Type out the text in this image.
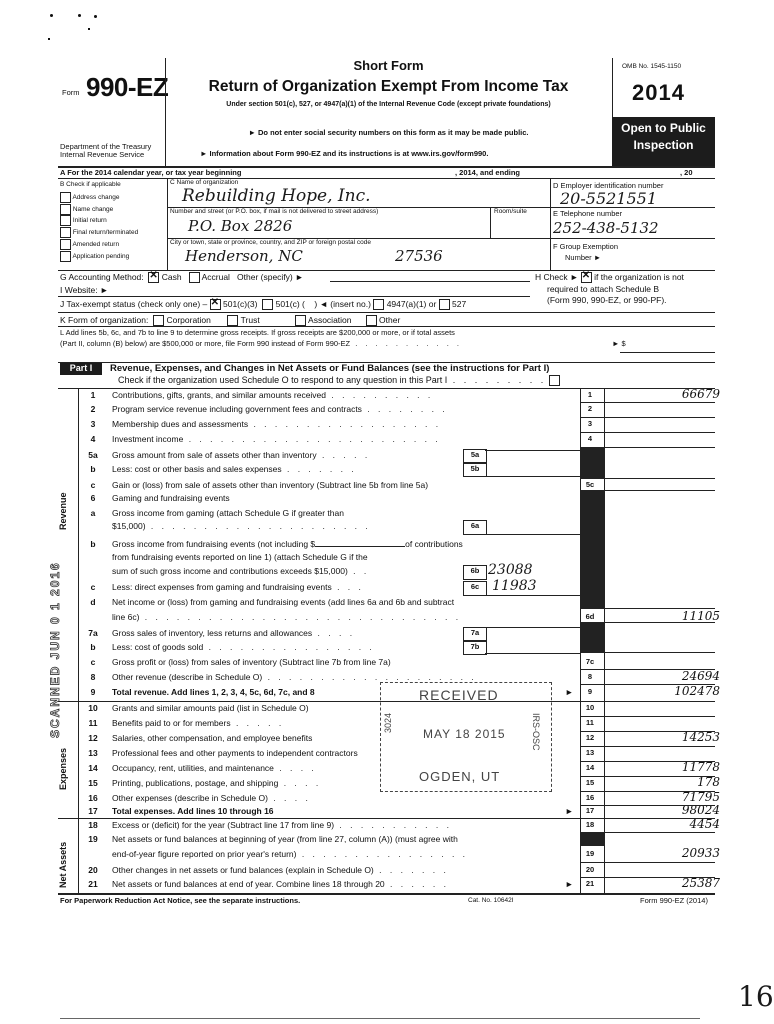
Form 990-EZ
Department of the Treasury
Internal Revenue Service
Short Form
Return of Organization Exempt From Income Tax
Under section 501(c), 527, or 4947(a)(1) of the Internal Revenue Code (except private foundations)
► Do not enter social security numbers on this form as it may be made public.
► Information about Form 990-EZ and its instructions is at www.irs.gov/form990.
OMB No. 1545-1150
2014
Open to Public
Inspection
A For the 2014 calendar year, or tax year beginning	, 2014, and ending	, 20
B Check if applicable
Address change
Name change
Initial return
Final return/terminated
Amended return
Application pending
C Name of organization
Rebuilding Hope, Inc.
Number and street (or P.O. box, if mail is not delivered to street address)	Room/suite
P.O. Box 2826
City or town, state or province, country, and ZIP or foreign postal code
Henderson, NC	27536
D Employer identification number
20-5521551
E Telephone number
252-438-5132
F Group Exemption
Number ►
G Accounting Method: ✕ Cash Accrual Other (specify) ►	H Check ► ✕ if the organization is not
required to attach Schedule B
(Form 990, 990-EZ, or 990-PF).
I Website: ►
J Tax-exempt status (check only one) – ✕ 501(c)(3) 501(c) ( ) ◄ (insert no.) 4947(a)(1) or 527
K Form of organization: Corporation	Trust	Association	Other
L Add lines 5b, 6c, and 7b to line 9 to determine gross receipts. If gross receipts are $200,000 or more, or if total assets
(Part II, column (B) below) are $500,000 or more, file Form 990 instead of Form 990-EZ . . . . . . . . . . .	► $
Part I	Revenue, Expenses, and Changes in Net Assets or Fund Balances (see the instructions for Part I)
Check if the organization used Schedule O to respond to any question in this Part I . . . . . . . . .
Revenue
Expenses
Net Assets
1	Contributions, gifts, grants, and similar amounts received . . . . . . . . . .	1	66679
2	Program service revenue including government fees and contracts . . . . . . . .	2
3	Membership dues and assessments . . . . . . . . . . . . . . . . . .	3
4	Investment income . . . . . . . . . . . . . . . . . . . . . . . .	4
5a	Gross amount from sale of assets other than inventory . . . . .	5a
b	Less: cost or other basis and sales expenses . . . . . . .	5b
c	Gain or (loss) from sale of assets other than inventory (Subtract line 5b from line 5a)	5c
6	Gaming and fundraising events
a	Gross income from gaming (attach Schedule G if greater than
$15,000) . . . . . . . . . . . . . . . . . . . . .	6a
b	Gross income from fundraising events (not including $	of contributions
from fundraising events reported on line 1) (attach Schedule G if the
sum of such gross income and contributions exceeds $15,000) . .	6b 23088
c	Less: direct expenses from gaming and fundraising events . . .	6c 11983
d	Net income or (loss) from gaming and fundraising events (add lines 6a and 6b and subtract
line 6c) . . . . . . . . . . . . . . . . . . . . . . . . . . . . . .	6d	11105
7a	Gross sales of inventory, less returns and allowances . . . .	7a
b	Less: cost of goods sold . . . . . . . . . . . . . . . .	7b
c	Gross profit or (loss) from sales of inventory (Subtract line 7b from line 7a)	7c
8	Other revenue (describe in Schedule O) . . . . . . . . . . . . . . . . . . . .	8	24694
9	Total revenue. Add lines 1, 2, 3, 4, 5c, 6d, 7c, and 8	►	9	102478
10	Grants and similar amounts paid (list in Schedule O)	10
11	Benefits paid to or for members . . . . .	11
12	Salaries, other compensation, and employee benefits	12	14253
13	Professional fees and other payments to independent contractors	13
14	Occupancy, rent, utilities, and maintenance . . . .	14	11778
15	Printing, publications, postage, and shipping . . . .	15	178
16	Other expenses (describe in Schedule O) . . . .	16	71795
17	Total expenses. Add lines 10 through 16	►	17	98024
18	Excess or (deficit) for the year (Subtract line 17 from line 9) . . . . . . . . . . .	18	4454
19	Net assets or fund balances at beginning of year (from line 27, column (A)) (must agree with
end-of-year figure reported on prior year's return) . . . . . . . . . . . . . . . .	19	20933
20	Other changes in net assets or fund balances (explain in Schedule O) . . . . . . .	20
21	Net assets or fund balances at end of year. Combine lines 18 through 20 . . . . . .	►	21	25387
RECEIVED
MAY 18 2015
OGDEN, UT
3024	IRS-OSC
SCANNED JUN 0 1 2016
For Paperwork Reduction Act Notice, see the separate instructions.	Cat. No. 10642I	Form 990-EZ (2014)
16
